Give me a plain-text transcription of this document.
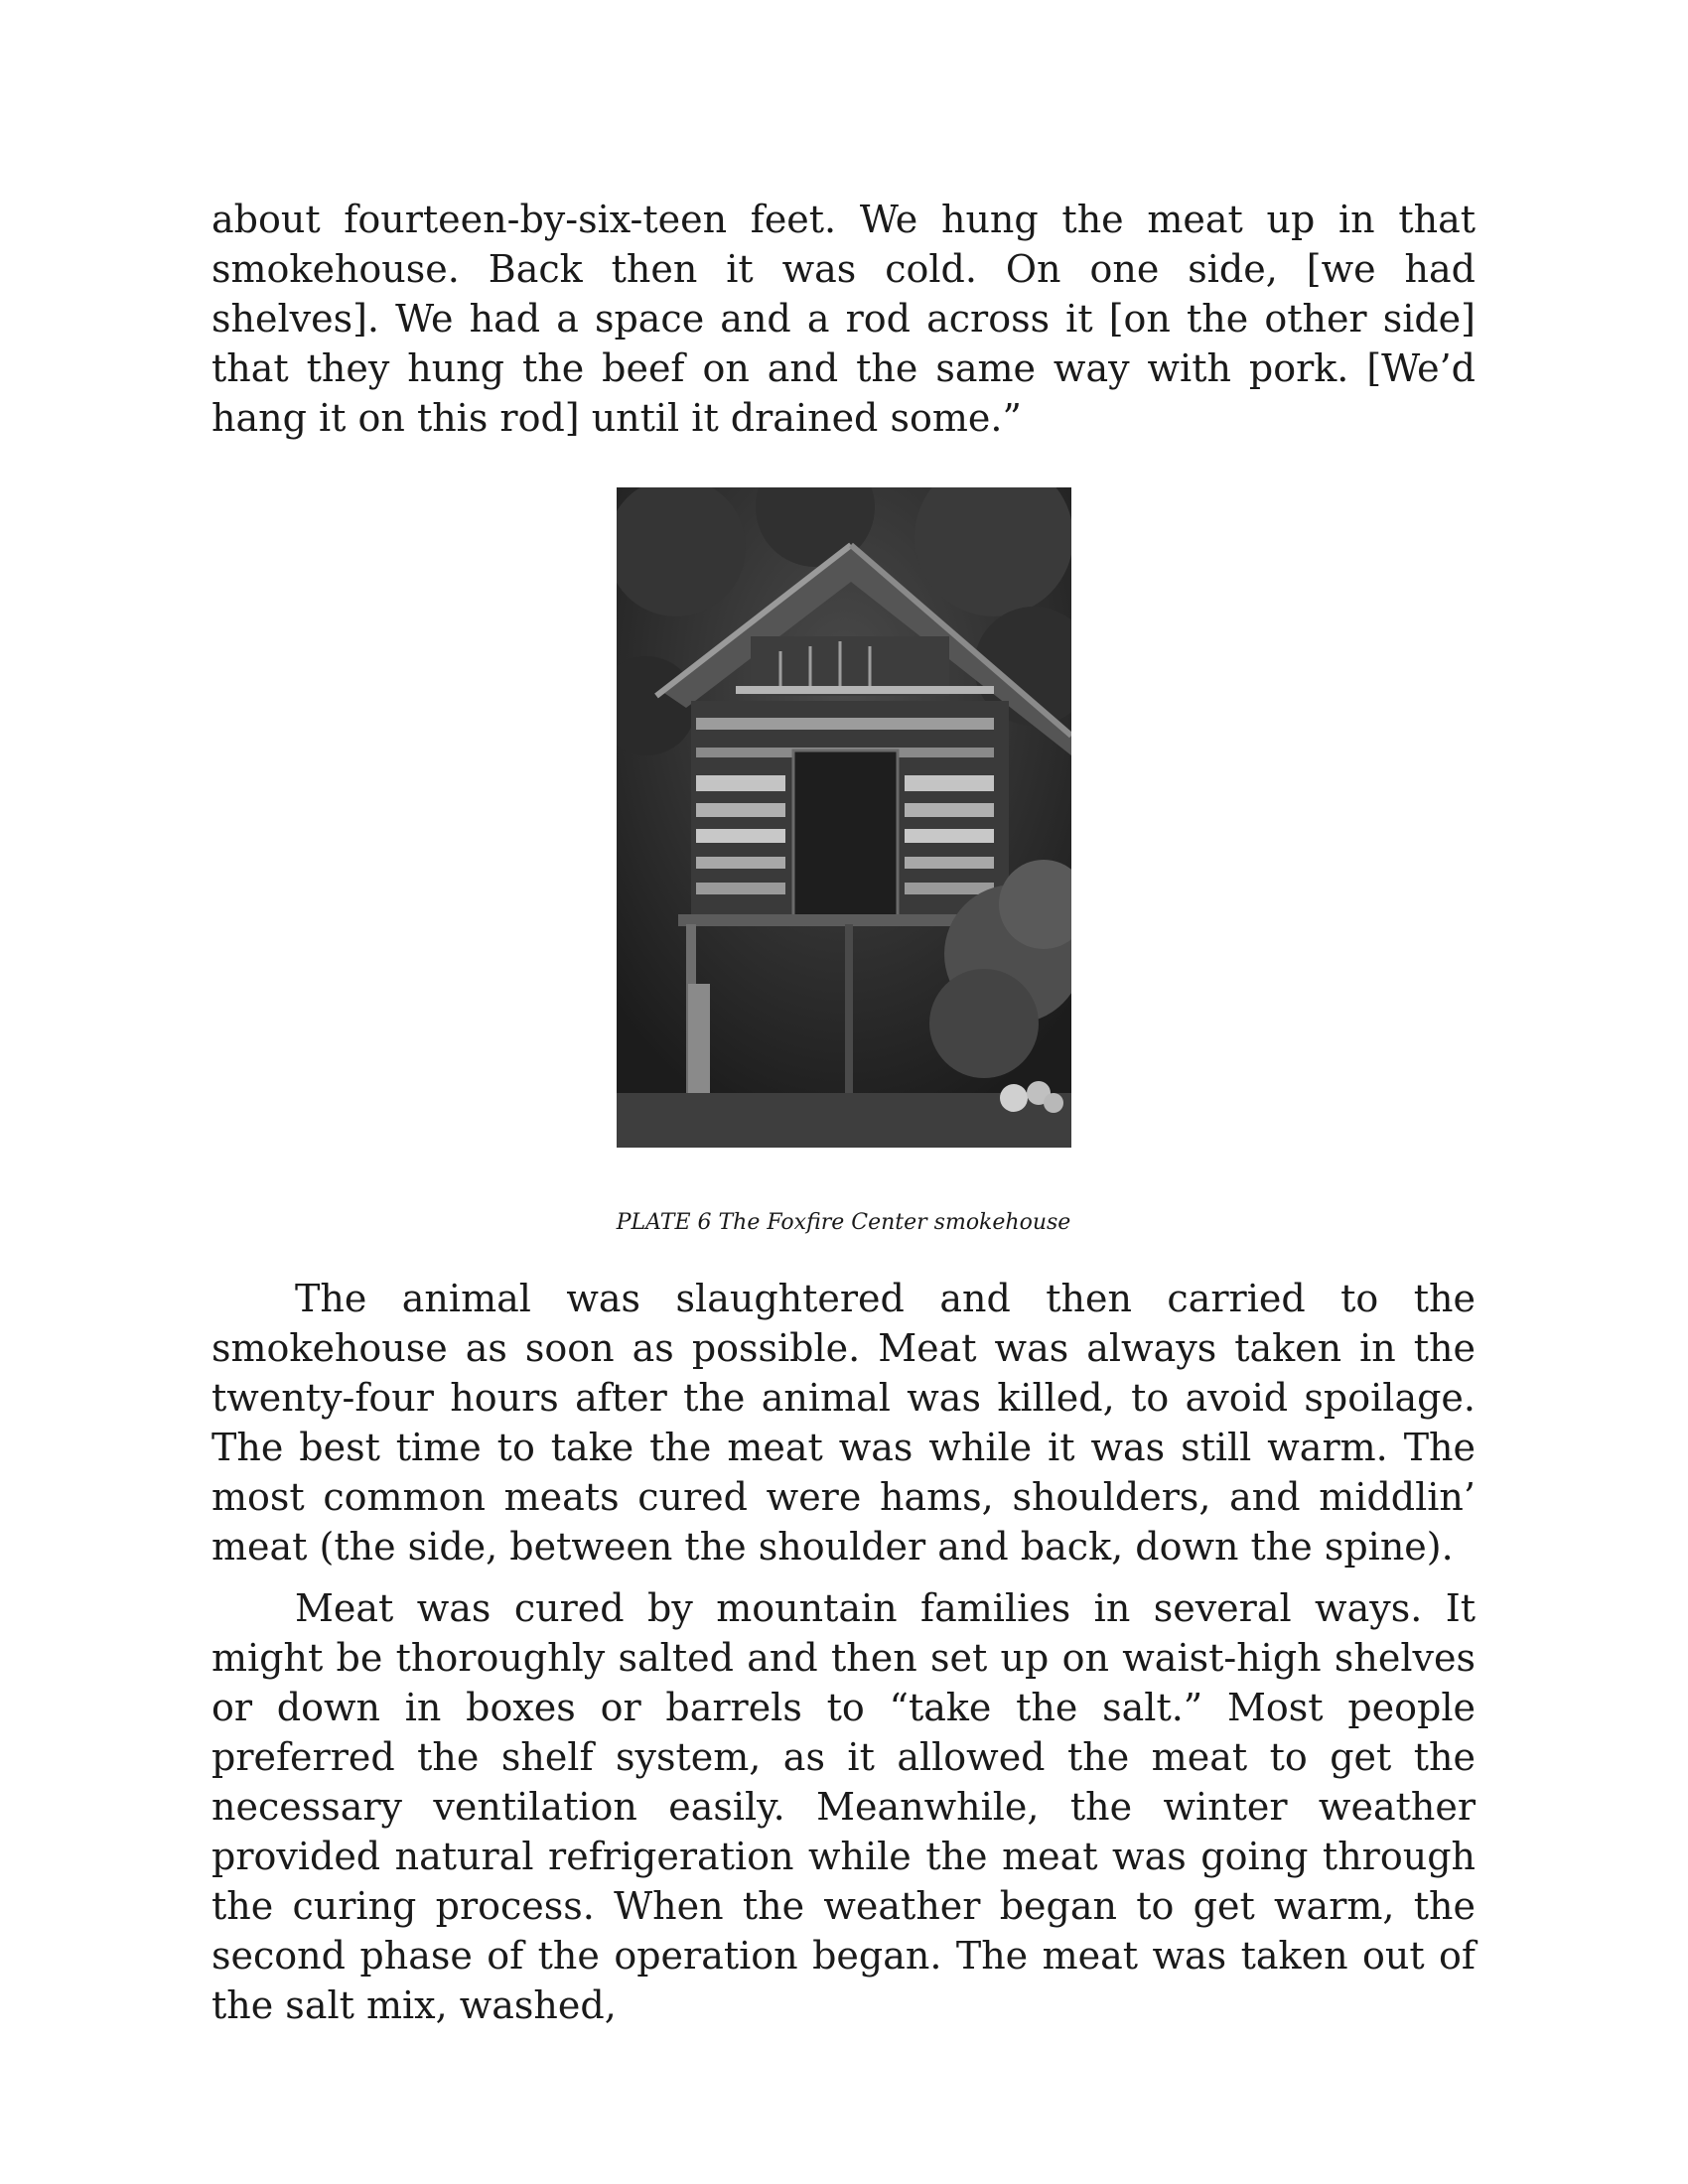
about fourteen-by-six-teen feet. We hung the meat up in that smokehouse. Back then it was cold. On one side, [we had shelves]. We had a space and a rod across it [on the other side] that they hung the beef on and the same way with pork. [We’d hang it on this rod] until it drained some.”

PLATE 6 The Foxfire Center smokehouse

The animal was slaughtered and then carried to the smokehouse as soon as possible. Meat was always taken in the twenty-four hours after the animal was killed, to avoid spoilage. The best time to take the meat was while it was still warm. The most common meats cured were hams, shoulders, and middlin’ meat (the side, between the shoulder and back, down the spine).

Meat was cured by mountain families in several ways. It might be thoroughly salted and then set up on waist-high shelves or down in boxes or barrels to “take the salt.” Most people preferred the shelf system, as it allowed the meat to get the necessary ventilation easily. Meanwhile, the winter weather provided natural refrigeration while the meat was going through the curing process. When the weather began to get warm, the second phase of the operation began. The meat was taken out of the salt mix, washed,
